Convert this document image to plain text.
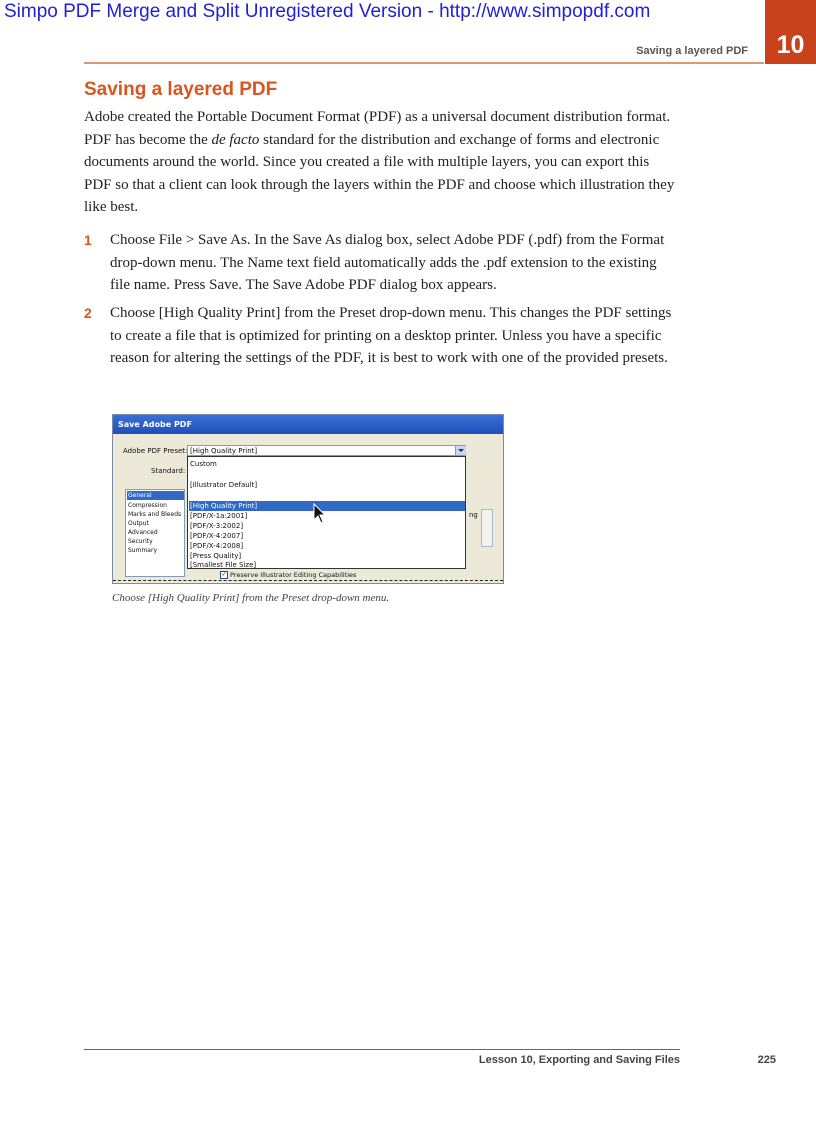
Simpo PDF Merge and Split Unregistered Version - http://www.simpopdf.com
Saving a layered PDF	10
Saving a layered PDF

Adobe created the Portable Document Format (PDF) as a universal document distribution format. PDF has become the de facto standard for the distribution and exchange of forms and electronic documents around the world. Since you created a file with multiple layers, you can export this PDF so that a client can look through the layers within the PDF and choose which illustration they like best.

1 Choose File > Save As. In the Save As dialog box, select Adobe PDF (.pdf) from the Format drop-down menu. The Name text field automatically adds the .pdf extension to the existing file name. Press Save. The Save Adobe PDF dialog box appears.
2 Choose [High Quality Print] from the Preset drop-down menu. This changes the PDF settings to create a file that is optimized for printing on a desktop printer. Unless you have a specific reason for altering the settings of the PDF, it is best to work with one of the provided presets.
Save Adobe PDF
Adobe PDF Preset: [High Quality Print]
Standard:
General
Compression
Marks and Bleeds
Output
Advanced
Security
Summary
ng
Custom
[Illustrator Default]
[High Quality Print]
[PDF/X-1a:2001]
[PDF/X-3:2002]
[PDF/X-4:2007]
[PDF/X-4:2008]
[Press Quality]
[Smallest File Size]
✓ Preserve Illustrator Editing Capabilities
Choose [High Quality Print] from the Preset drop-down menu.
Lesson 10, Exporting and Saving Files	225
